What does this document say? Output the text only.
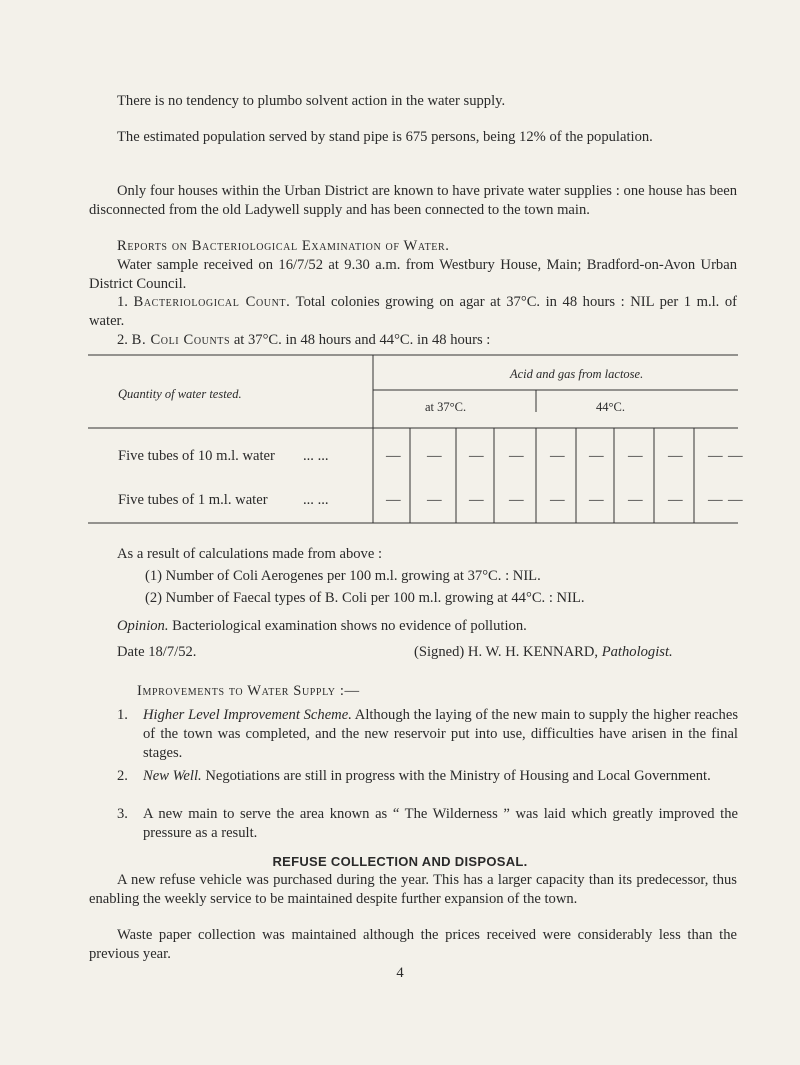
There is no tendency to plumbo solvent action in the water supply.

The estimated population served by stand pipe is 675 persons, being 12% of the population.

Only four houses within the Urban District are known to have private water supplies : one house has been disconnected from the old Ladywell supply and has been connected to the town main.

Reports on Bacteriological Examination of Water.

Water sample received on 16/7/52 at 9.30 a.m. from Westbury House, Main; Bradford-on-Avon Urban District Council.

1. Bacteriological Count. Total colonies growing on agar at 37°C. in 48 hours : NIL per 1 m.l. of water.

2. B. Coli Counts at 37°C. in 48 hours and 44°C. in 48 hours :

Quantity of water tested.
Acid and gas from lactose.
at 37°C.	44°C.
Five tubes of 10 m.l. water ... ...
Five tubes of 1 m.l. water ... ...
— — — — — — — — — —
— — — — — — — — — —

As a result of calculations made from above :

(1) Number of Coli Aerogenes per 100 m.l. growing at 37°C. : NIL.

(2) Number of Faecal types of B. Coli per 100 m.l. growing at 44°C. : NIL.

Opinion. Bacteriological examination shows no evidence of pollution.

Date 18/7/52.	(Signed) H. W. H. KENNARD, Pathologist.

Improvements to Water Supply :—

1. Higher Level Improvement Scheme. Although the laying of the new main to supply the higher reaches of the town was completed, and the new reservoir put into use, difficulties have arisen in the final stages.

2. New Well. Negotiations are still in progress with the Ministry of Housing and Local Government.

3. A new main to serve the area known as “ The Wilderness ” was laid which greatly improved the pressure as a result.

REFUSE COLLECTION AND DISPOSAL.

A new refuse vehicle was purchased during the year. This has a larger capacity than its predecessor, thus enabling the weekly service to be maintained despite further expansion of the town.

Waste paper collection was maintained although the prices received were considerably less than the previous year.

4
